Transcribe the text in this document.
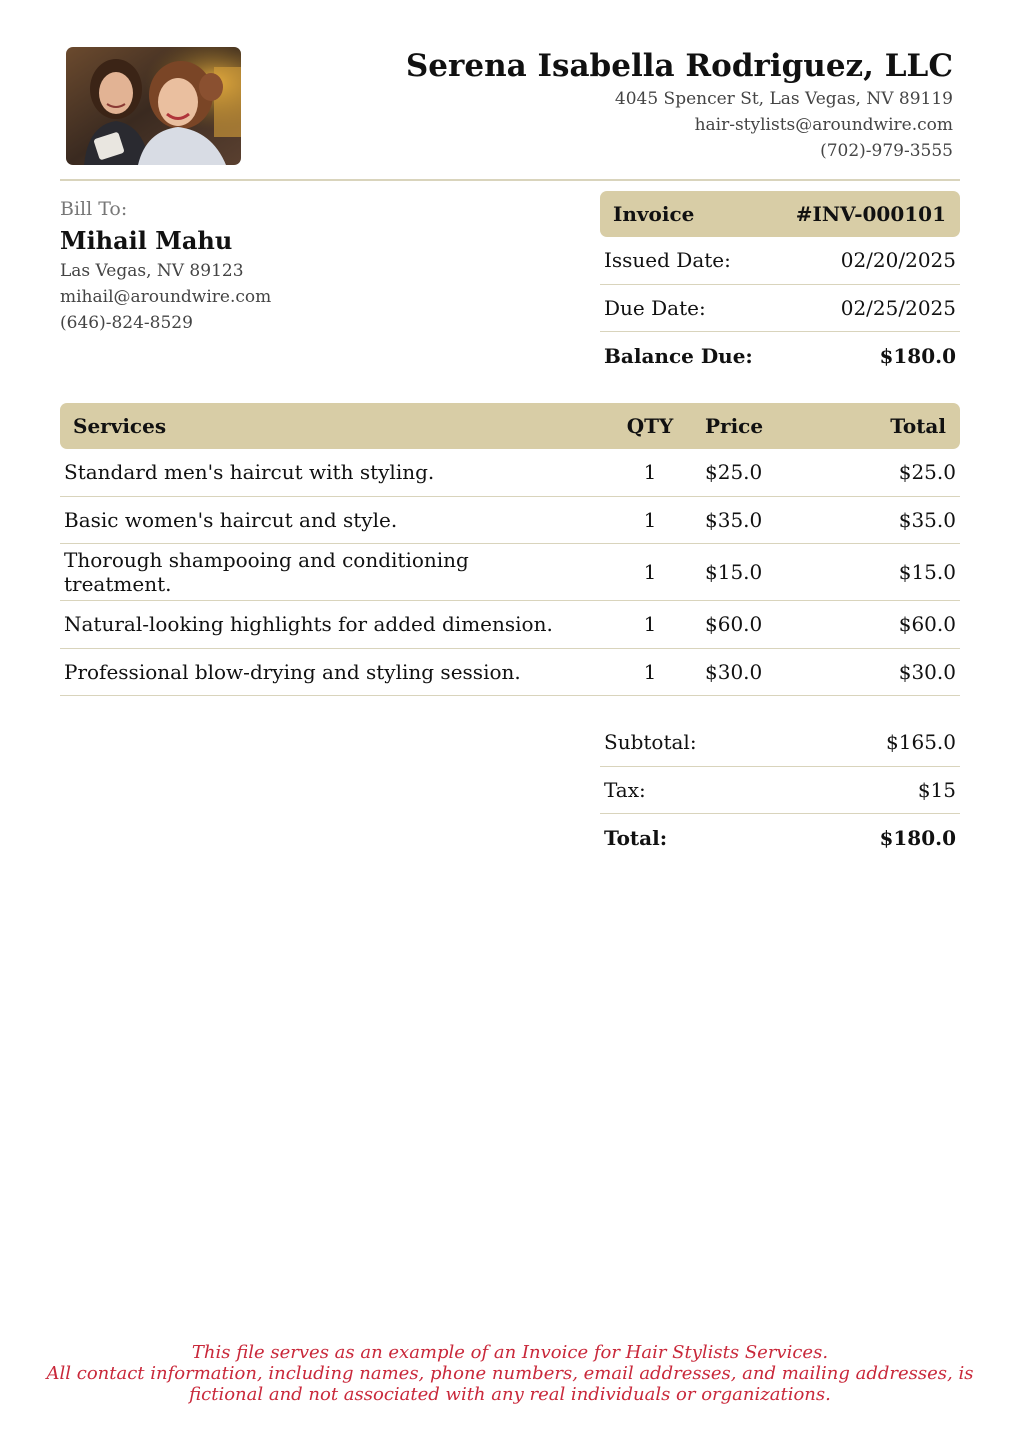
Serena Isabella Rodriguez, LLC
4045 Spencer St, Las Vegas, NV 89119
hair-stylists@aroundwire.com
(702)-979-3555
Bill To:
Mihail Mahu
Las Vegas, NV 89123
mihail@aroundwire.com
(646)-824-8529
Invoice	#INV-000101
Issued Date:	02/20/2025
Due Date:	02/25/2025
Balance Due:	$180.0
Services	QTY	Price	Total
Standard men's haircut with styling.	1	$25.0	$25.0
Basic women's haircut and style.	1	$35.0	$35.0
Thorough shampooing and conditioning treatment.	1	$15.0	$15.0
Natural-looking highlights for added dimension.	1	$60.0	$60.0
Professional blow-drying and styling session.	1	$30.0	$30.0
Subtotal:	$165.0
Tax:	$15
Total:	$180.0
This file serves as an example of an Invoice for Hair Stylists Services.
All contact information, including names, phone numbers, email addresses, and mailing addresses, is
fictional and not associated with any real individuals or organizations.
